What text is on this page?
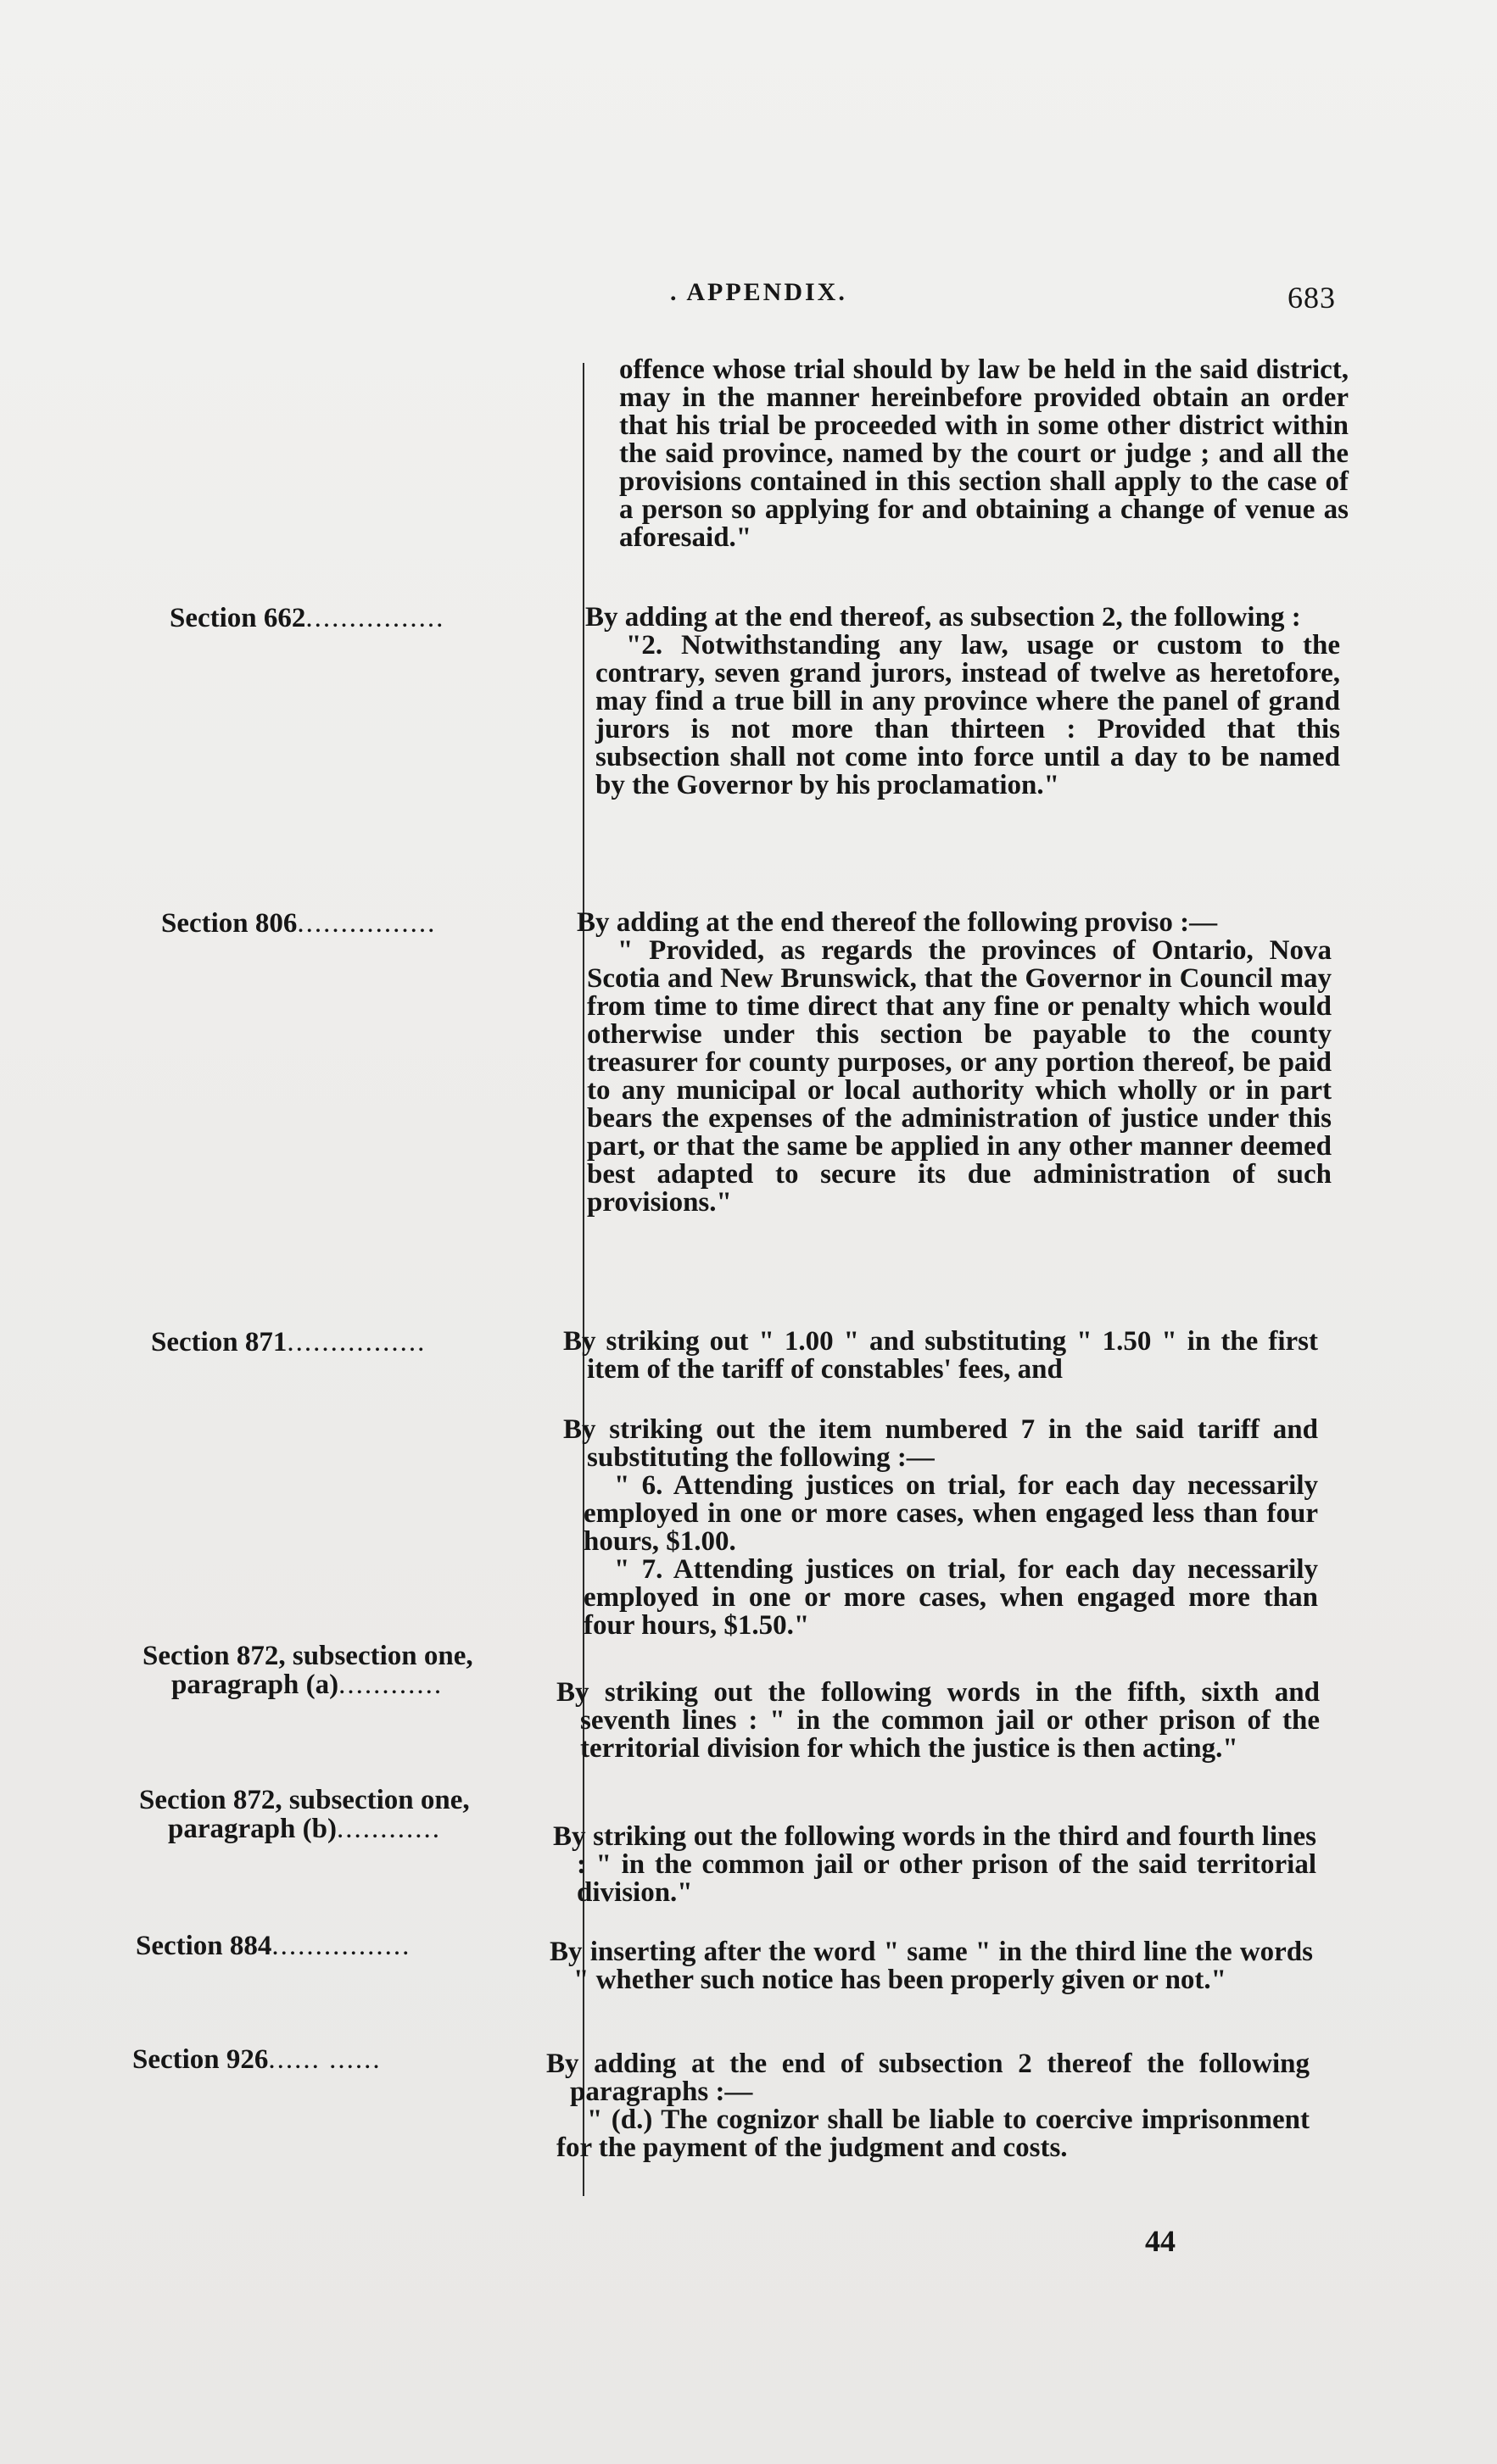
. APPENDIX.	683

offence whose trial should by law be held in the said district, may in the manner hereinbefore provided obtain an order that his trial be proceeded with in some other district within the said province, named by the court or judge ; and all the provisions contained in this section shall apply to the case of a person so applying for and obtaining a change of venue as aforesaid."

Section 662................	By adding at the end thereof, as subsection 2, the following :

"2. Notwithstanding any law, usage or custom to the contrary, seven grand jurors, instead of twelve as heretofore, may find a true bill in any province where the panel of grand jurors is not more than thirteen : Provided that this subsection shall not come into force until a day to be named by the Governor by his proclamation."

Section 806................	By adding at the end thereof the following proviso :—

" Provided, as regards the provinces of Ontario, Nova Scotia and New Brunswick, that the Governor in Council may from time to time direct that any fine or penalty which would otherwise under this section be payable to the county treasurer for county purposes, or any portion thereof, be paid to any municipal or local authority which wholly or in part bears the expenses of the administration of justice under this part, or that the same be applied in any other manner deemed best adapted to secure its due administration of such provisions."

Section 871................	By striking out " 1.00 " and substituting " 1.50 " in the first item of the tariff of constables' fees, and

By striking out the item numbered 7 in the said tariff and substituting the following :—

" 6. Attending justices on trial, for each day necessarily employed in one or more cases, when engaged less than four hours, $1.00.

" 7. Attending justices on trial, for each day necessarily employed in one or more cases, when engaged more than four hours, $1.50."

Section 872, subsection one,
paragraph (a)............	By striking out the following words in the fifth, sixth and seventh lines : " in the common jail or other prison of the territorial division for which the justice is then acting."

Section 872, subsection one,
paragraph (b)............	By striking out the following words in the third and fourth lines : " in the common jail or other prison of the said territorial division."

Section 884................	By inserting after the word " same " in the third line the words " whether such notice has been properly given or not."

Section 926...... ......	By adding at the end of subsection 2 thereof the following paragraphs :—

" (d.) The cognizor shall be liable to coercive imprisonment for the payment of the judgment and costs.

44
